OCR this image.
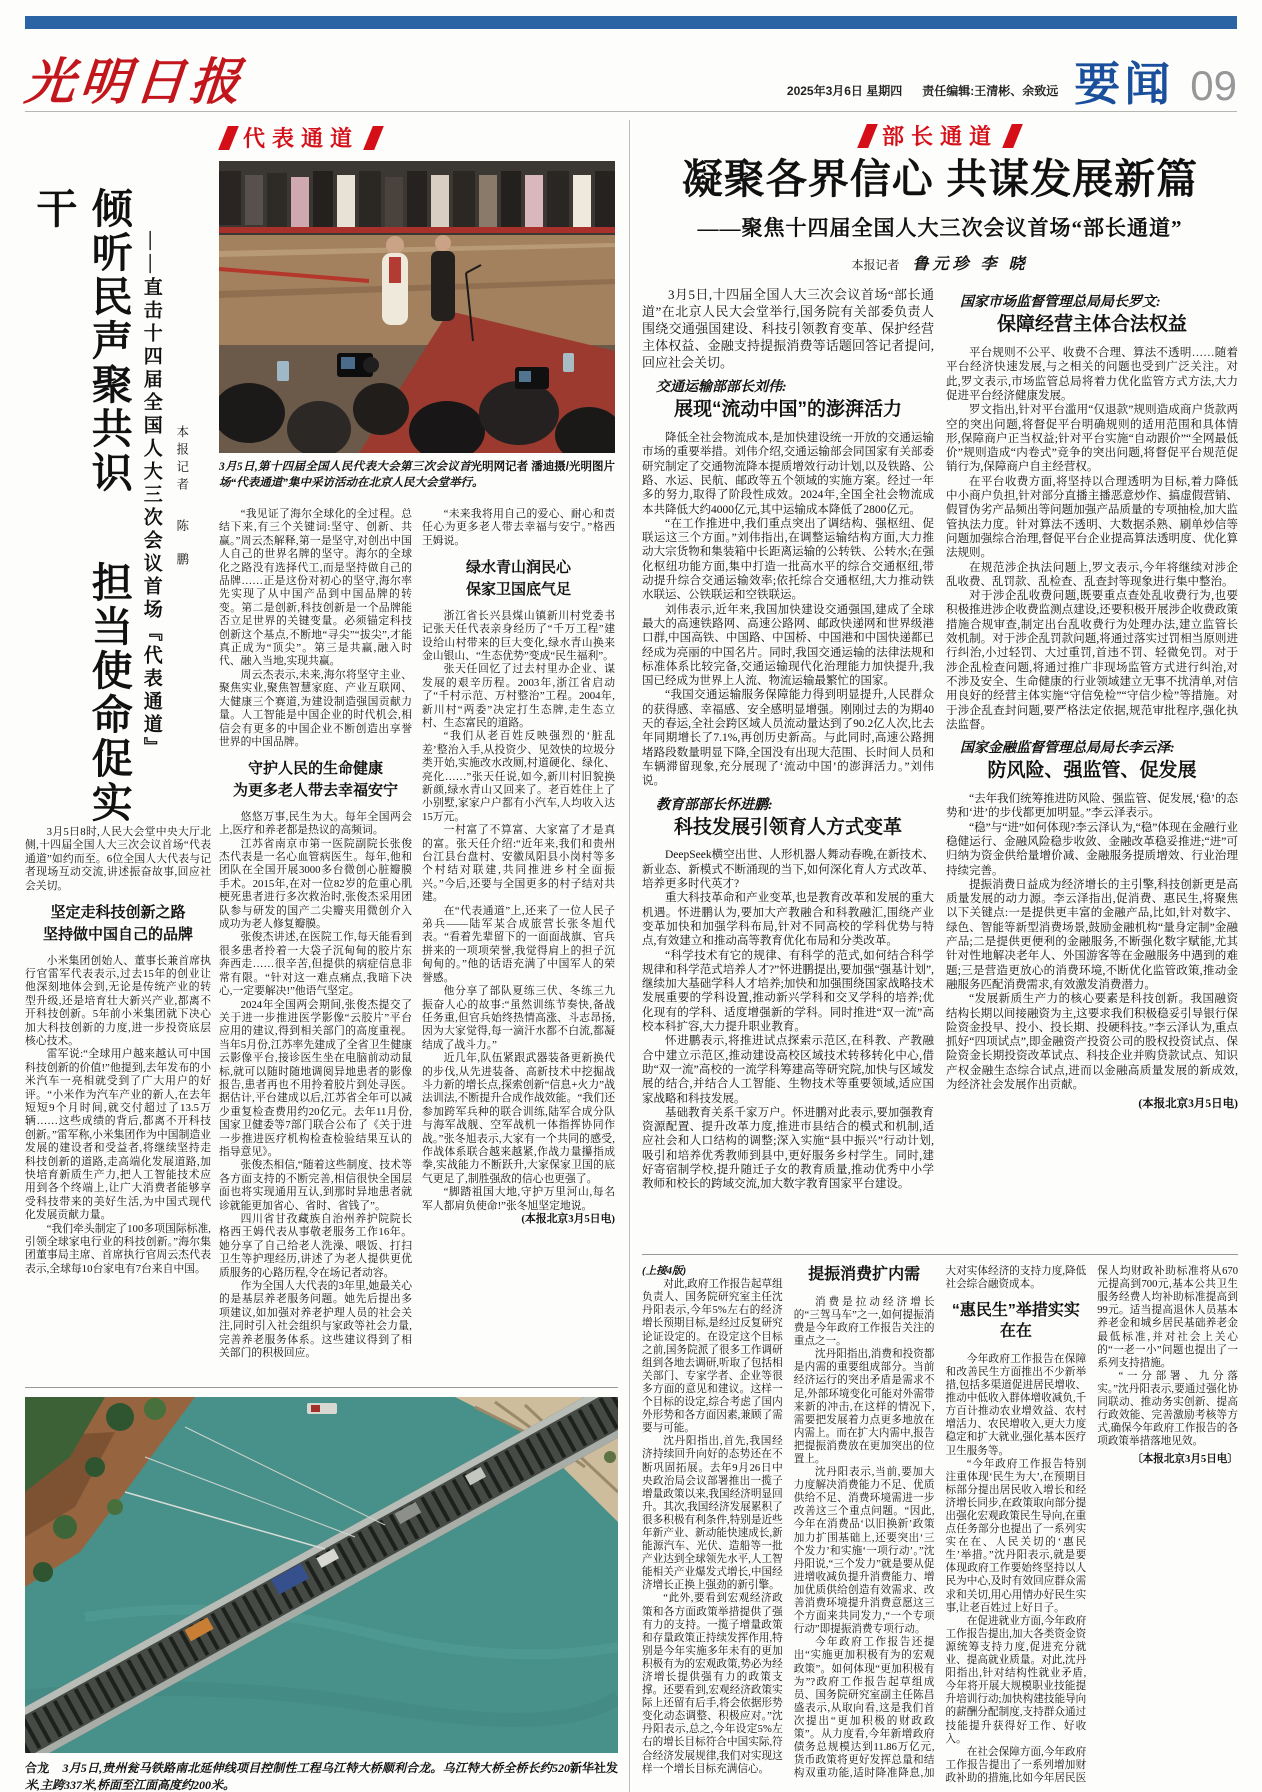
光明日报	2025年3月6日 星期四 责任编辑:王清彬、余致远 要闻 09
代表通道
倾听民声聚共识 担当使命促实干
——直击十四届全国人大三次会议首场『代表通道』 本报记者 陈 鹏
光明网记者 潘迪摄/光明图片
3月5日,第十四届全国人民代表大会第三次会议首场“代表通道”集中采访活动在北京人民大会堂举行。

3月5日8时,人民大会堂中央大厅北侧,十四届全国人大三次会议首场“代表通道”如约而至。6位全国人大代表与记者现场互动交流,讲述振奋故事,回应社会关切。

坚定走科技创新之路
坚持做中国自己的品牌

小米集团创始人、董事长兼首席执行官雷军代表表示,过去15年的创业让他深刻地体会到,无论是传统产业的转型升级,还是培育壮大新兴产业,都离不开科技创新。5年前小米集团就下决心加大科技创新的力度,进一步投资底层核心技术。

雷军说:“全球用户越来越认可中国科技创新的价值!”他提到,去年发布的小米汽车一亮相就受到了广大用户的好评。“小米作为汽车产业的新人,在去年短短9个月时间,就交付超过了13.5万辆……这些成绩的背后,都离不开科技创新。”雷军称,小米集团作为中国制造业发展的建设者和受益者,将继续坚持走科技创新的道路,走高端化发展道路,加快培育新质生产力,把人工智能技术应用到各个终端上,让广大消费者能够享受科技带来的美好生活,为中国式现代化发展贡献力量。

“我们牵头制定了100多项国际标准,引领全球家电行业的科技创新。”海尔集团董事局主席、首席执行官周云杰代表表示,全球每10台家电有7台来自中国。

“我见证了海尔全球化的全过程。总结下来,有三个关键词:坚守、创新、共赢。”周云杰解释,第一是坚守,对创出中国人自己的世界名牌的坚守。海尔的全球化之路没有选择代工,而是坚持做自己的品牌……正是这份对初心的坚守,海尔率先实现了从中国产品到中国品牌的转变。第二是创新,科技创新是一个品牌能否立足世界的关键变量。必须锚定科技创新这个基点,不断地“寻尖”“拔尖”,才能真正成为“顶尖”。第三是共赢,融入时代、融入当地,实现共赢。

周云杰表示,未来,海尔将坚守主业、聚焦实业,聚焦智慧家庭、产业互联网、大健康三个赛道,为建设制造强国贡献力量。人工智能是中国企业的时代机会,相信会有更多的中国企业不断创造出享誉世界的中国品牌。

守护人民的生命健康
为更多老人带去幸福安宁

悠悠万事,民生为大。每年全国两会上,医疗和养老都是热议的高频词。

江苏省南京市第一医院副院长张俊杰代表是一名心血管病医生。每年,他和团队在全国开展3000多台微创心脏瓣膜手术。2015年,在对一位82岁的危重心肌梗死患者进行多次救治时,张俊杰采用团队参与研发的国产二尖瓣夹用微创介入成功为老人修复瓣膜。

张俊杰讲述,在医院工作,每天能看到很多患者拎着一大袋子沉甸甸的胶片东奔西走……很辛苦,但提供的病症信息非常有限。“针对这一难点痛点,我暗下决心,一定要解决!”他语气坚定。

2024年全国两会期间,张俊杰提交了关于进一步推进医学影像“云胶片”平台应用的建议,得到相关部门的高度重视。当年5月份,江苏率先建成了全省卫生健康云影像平台,接诊医生坐在电脑前动动鼠标,就可以随时随地调阅异地患者的影像报告,患者再也不用拎着胶片到处寻医。据估计,平台建成以后,江苏省全年可以减少重复检查费用约20亿元。去年11月份,国家卫健委等7部门联合公布了《关于进一步推进医疗机构检查检验结果互认的指导意见》。

张俊杰相信,“随着这些制度、技术等各方面支持的不断完善,相信很快全国层面也将实现通用互认,到那时异地患者就诊就能更加省心、省时、省钱了”。

四川省甘孜藏族自治州养护院院长格西王姆代表从事敬老服务工作16年。她分享了自己给老人洗澡、喂饭、打扫卫生等护理经历,讲述了为老人提供更优质服务的心路历程,令在场记者动容。

作为全国人大代表的3年里,她最关心的是基层养老服务问题。她先后提出多项建议,如加强对养老护理人员的社会关注,同时引入社会组织与家政等社会力量,完善养老服务体系。这些建议得到了相关部门的积极回应。

“未来我将用自己的爱心、耐心和责任心为更多老人带去幸福与安宁。”格西王姆说。

绿水青山润民心
保家卫国底气足

浙江省长兴县煤山镇新川村党委书记张天任代表亲身经历了“千万工程”建设给山村带来的巨大变化,绿水青山换来金山银山、“生态优势”变成“民生福利”。

张天任回忆了过去村里办企业、谋发展的艰辛历程。2003年,浙江省启动了“千村示范、万村整治”工程。2004年,新川村“两委”决定打生态牌,走生态立村、生态富民的道路。

“我们从老百姓反映强烈的‘脏乱差’整治入手,从投资少、见效快的垃圾分类开始,实施改水改厕,村道硬化、绿化、亮化……”张天任说,如今,新川村旧貌换新颜,绿水青山又回来了。老百姓住上了小别墅,家家户户都有小汽车,人均收入达15万元。

一村富了不算富、大家富了才是真的富。张天任介绍:“近年来,我们和贵州台江县台盘村、安徽凤阳县小岗村等多个村结对联建,共同推进乡村全面振兴。”今后,还要与全国更多的村子结对共建。

在“代表通道”上,还来了一位人民子弟兵——陆军某合成旅营长张冬旭代表。“看着先辈留下的一面面战旗、官兵拼来的一项项荣誉,我觉得肩上的担子沉甸甸的。”他的话语充满了中国军人的荣誉感。

他分享了部队夏练三伏、冬练三九振奋人心的故事:“虽然训练节奏快,备战任务重,但官兵始终热情高涨、斗志昂扬,因为大家觉得,每一滴汗水都不白流,都凝结成了战斗力。”

近几年,队伍紧跟武器装备更新换代的步伐,从先进装备、高新技术中挖掘战斗力新的增长点,探索创新“信息+火力”战法训法,不断提升合成作战效能。“我们还参加跨军兵种的联合训练,陆军合成分队与海军战舰、空军战机一体指挥协同作战。”张冬旭表示,大家有一个共同的感受,作战体系联合越来越紧,作战力量攥指成拳,实战能力不断跃升,大家保家卫国的底气更足了,制胜强敌的信心也更强了。

“脚踏祖国大地,守护万里河山,每名军人都肩负使命!”张冬旭坚定地说。

(本报北京3月5日电)

新华社发
合龙 3月5日,贵州瓮马铁路南北延伸线项目控制性工程乌江特大桥顺利合龙。乌江特大桥全桥长约520米,主跨337米,桥面至江面高度约200米。
部长通道
凝聚各界信心 共谋发展新篇
——聚焦十四届全国人大三次会议首场“部长通道”
本报记者 鲁元珍 李 晓

3月5日,十四届全国人大三次会议首场“部长通道”在北京人民大会堂举行,国务院有关部委负责人围绕交通强国建设、科技引领教育变革、保护经营主体权益、金融支持提振消费等话题回答记者提问,回应社会关切。

交通运输部部长刘伟:

展现“流动中国”的澎湃活力

降低全社会物流成本,是加快建设统一开放的交通运输市场的重要举措。刘伟介绍,交通运输部会同国家有关部委研究制定了交通物流降本提质增效行动计划,以及铁路、公路、水运、民航、邮政等五个领域的实施方案。经过一年多的努力,取得了阶段性成效。2024年,全国全社会物流成本共降低大约4000亿元,其中运输成本降低了2800亿元。

“在工作推进中,我们重点突出了调结构、强枢纽、促联运这三个方面。”刘伟指出,在调整运输结构方面,大力推动大宗货物和集装箱中长距离运输的公转铁、公转水;在强化枢纽功能方面,集中打造一批高水平的综合交通枢纽,带动提升综合交通运输效率;依托综合交通枢纽,大力推动铁水联运、公铁联运和空铁联运。

刘伟表示,近年来,我国加快建设交通强国,建成了全球最大的高速铁路网、高速公路网、邮政快递网和世界级港口群,中国高铁、中国路、中国桥、中国港和中国快递都已经成为亮丽的中国名片。同时,我国交通运输的法律法规和标准体系比较完备,交通运输现代化治理能力加快提升,我国已经成为世界上人流、物流运输最繁忙的国家。

“我国交通运输服务保障能力得到明显提升,人民群众的获得感、幸福感、安全感明显增强。刚刚过去的为期40天的春运,全社会跨区域人员流动量达到了90.2亿人次,比去年同期增长了7.1%,再创历史新高。与此同时,高速公路拥堵路段数量明显下降,全国没有出现大范围、长时间人员和车辆滞留现象,充分展现了‘流动中国’的澎湃活力。”刘伟说。

教育部部长怀进鹏:

科技发展引领育人方式变革

DeepSeek横空出世、人形机器人舞动春晚,在新技术、新业态、新模式不断涌现的当下,如何深化育人方式改革、培养更多时代英才?

重大科技革命和产业变革,也是教育改革和发展的重大机遇。怀进鹏认为,要加大产教融合和科教融汇,围绕产业变革加快和加强学科布局,针对不同高校的学科优势与特点,有效建立和推动高等教育优化布局和分类改革。

“科学技术有它的规律、有科学的范式,如何结合科学规律和科学范式培养人才?”怀进鹏提出,要加强“强基计划”,继续加大基础学科人才培养;加快和加强围绕国家战略技术发展重要的学科设置,推动新兴学科和交叉学科的培养;优化现有的学科、适度增强新的学科。同时推进“双一流”高校本科扩容,大力提升职业教育。

怀进鹏表示,将推进试点探索示范区,在科教、产教融合中建立示范区,推动建设高校区域技术转移转化中心,借助“双一流”高校的一流学科筹建高等研究院,加快与区域发展的结合,并结合人工智能、生物技术等重要领域,适应国家战略和科技发展。

基础教育关系千家万户。怀进鹏对此表示,要加强教育资源配置、提升改革力度,推进市县结合的模式和机制,适应社会和人口结构的调整;深入实施“县中振兴”行动计划,吸引和培养优秀教师到县中,更好服务乡村学生。同时,建好寄宿制学校,提升随迁子女的教育质量,推动优秀中小学教师和校长的跨域交流,加大数字教育国家平台建设。

国家市场监督管理总局局长罗文:

保障经营主体合法权益

平台规则不公平、收费不合理、算法不透明……随着平台经济快速发展,与之相关的问题也受到广泛关注。对此,罗文表示,市场监管总局将着力优化监管方式方法,大力促进平台经济健康发展。

罗文指出,针对平台滥用“仅退款”规则造成商户货款两空的突出问题,将督促平台明确规则的适用范围和具体情形,保障商户正当权益;针对平台实施“自动跟价”“全网最低价”规则造成“内卷式”竞争的突出问题,将督促平台规范促销行为,保障商户自主经营权。

在平台收费方面,将坚持以合理透明为目标,着力降低中小商户负担,针对部分直播主播恶意炒作、搞虚假营销、假冒伪劣产品频出等问题加强产品质量的专项抽检,加大监管执法力度。针对算法不透明、大数据杀熟、刷单炒信等问题加强综合治理,督促平台企业提高算法透明度、优化算法规则。

在规范涉企执法问题上,罗文表示,今年将继续对涉企乱收费、乱罚款、乱检查、乱查封等现象进行集中整治。

对于涉企乱收费问题,既要重点查处乱收费行为,也要积极推进涉企收费监测点建设,还要积极开展涉企收费政策措施合规审查,制定出台乱收费行为处理办法,建立监管长效机制。对于涉企乱罚款问题,将通过落实过罚相当原则进行纠治,小过轻罚、大过重罚,首违不罚、轻微免罚。对于涉企乱检查问题,将通过推广非现场监管方式进行纠治,对不涉及安全、生命健康的行业领域建立无事不扰清单,对信用良好的经营主体实施“守信免检”“守信少检”等措施。对于涉企乱查封问题,要严格法定依据,规范审批程序,强化执法监督。

国家金融监督管理总局局长李云泽:

防风险、强监管、促发展

“去年我们统筹推进防风险、强监管、促发展,‘稳’的态势和‘进’的步伐都更加明显。”李云泽表示。

“稳”与“进”如何体现?李云泽认为,“稳”体现在金融行业稳健运行、金融风险稳步收敛、金融改革稳妥推进;“进”可归纳为资金供给量增价减、金融服务提质增效、行业治理持续完善。

提振消费日益成为经济增长的主引擎,科技创新更是高质量发展的动力源。李云泽指出,促消费、惠民生,将聚焦以下关键点:一是提供更丰富的金融产品,比如,针对数字、绿色、智能等新型消费场景,鼓励金融机构“量身定制”金融产品;二是提供更便利的金融服务,不断强化数字赋能,尤其针对性地解决老年人、外国游客等在金融服务中遇到的难题;三是营造更放心的消费环境,不断优化监管政策,推动金融服务匹配消费需求,有效激发消费潜力。

“发展新质生产力的核心要素是科技创新。我国融资结构长期以间接融资为主,这要求我们积极稳妥引导银行保险资金投早、投小、投长期、投硬科技。”李云泽认为,重点抓好“四项试点”,即金融资产投资公司的股权投资试点、保险资金长期投资改革试点、科技企业并购贷款试点、知识产权金融生态综合试点,进而以金融高质量发展的新成效,为经济社会发展作出贡献。

(本报北京3月5日电)

(上接4版)

对此,政府工作报告起草组负责人、国务院研究室主任沈丹阳表示,今年5%左右的经济增长预期目标,是经过反复研究论证设定的。在设定这个目标之前,国务院派了很多工作调研组到各地去调研,听取了包括相关部门、专家学者、企业等很多方面的意见和建议。这样一个目标的设定,综合考虑了国内外形势和各方面因素,兼顾了需要与可能。

沈丹阳指出,首先,我国经济持续回升向好的态势还在不断巩固拓展。去年9月26日中央政治局会议部署推出一揽子增量政策以来,我国经济明显回升。其次,我国经济发展累积了很多积极有利条件,特别是近些年新产业、新动能快速成长,新能源汽车、光伏、造船等一批产业达到全球领先水平,人工智能相关产业爆发式增长,中国经济增长正换上强劲的新引擎。

“此外,要看到宏观经济政策和各方面政策举措提供了强有力的支持。一揽子增量政策和存量政策正持续发挥作用,特别是今年实施多年未有的更加积极有为的宏观政策,势必为经济增长提供强有力的政策支撑。还要看到,宏观经济政策实际上还留有后手,将会依据形势变化动态调整、积极应对。”沈丹阳表示,总之,今年设定5%左右的增长目标符合中国实际,符合经济发展规律,我们对实现这样一个增长目标充满信心。

提振消费扩内需

消费是拉动经济增长的“三驾马车”之一,如何提振消费是今年政府工作报告关注的重点之一。

沈丹阳指出,消费和投资都是内需的重要组成部分。当前经济运行的突出矛盾是需求不足,外部环境变化可能对外需带来新的冲击,在这样的情况下,需要把发展着力点更多地放在内需上。而在扩大内需中,报告把提振消费放在更加突出的位置上。

沈丹阳表示,当前,要加大力度解决消费能力不足、优质供给不足、消费环境需进一步改善这三个重点问题。“因此,今年在消费品‘以旧换新’政策加力扩围基础上,还要突出‘三个发力’和实施‘一项行动’。”沈丹阳说,“三个发力”就是要从促进增收减负提升消费能力、增加优质供给创造有效需求、改善消费环境提升消费意愿这三个方面来共同发力,“一个专项行动”即提振消费专项行动。

今年政府工作报告还提出“实施更加积极有为的宏观政策”。如何体现“更加积极有为”?政府工作报告起草组成员、国务院研究室副主任陈昌盛表示,从取向看,这是我们首次提出“更加积极的财政政策”。从力度看,今年新增政府债务总规模达到11.86万亿元,货币政策将更好发挥总量和结构双重功能,适时降准降息,加大对实体经济的支持力度,降低社会综合融资成本。

“惠民生”举措实实在在

今年政府工作报告在保障和改善民生方面推出不少新举措,包括多渠道促进居民增收、推动中低收入群体增收减负,千方百计推动农业增效益、农村增活力、农民增收入,更大力度稳定和扩大就业,强化基本医疗卫生服务等。

“今年政府工作报告特别注重体现‘民生为大’,在预期目标部分提出居民收入增长和经济增长同步,在政策取向部分提出强化宏观政策民生导向,在重点任务部分也提出了一系列实实在在、人民关切的‘惠民生’举措。”沈丹阳表示,就是要体现政府工作要始终坚持以人民为中心,及时有效回应群众需求和关切,用心用情办好民生实事,让老百姓过上好日子。

在促进就业方面,今年政府工作报告提出,加大各类资金资源统筹支持力度,促进充分就业、提高就业质量。对此,沈丹阳指出,针对结构性就业矛盾,今年将开展大规模职业技能提升培训行动;加快构建技能导向的薪酬分配制度,支持群众通过技能提升获得好工作、好收入。

在社会保障方面,今年政府工作报告提出了一系列增加财政补助的措施,比如今年居民医保人均财政补助标准将从670元提高到700元,基本公共卫生服务经费人均补助标准提高到99元。适当提高退休人员基本养老金和城乡居民基础养老金最低标准,并对社会上关心的“一老一小”问题也提出了一系列支持措施。

“一分部署、九分落实。”沈丹阳表示,要通过强化协同联动、推动务实创新、提高行政效能、完善激励考核等方式,确保今年政府工作报告的各项政策举措落地见效。

〔本报北京3月5日电〕
